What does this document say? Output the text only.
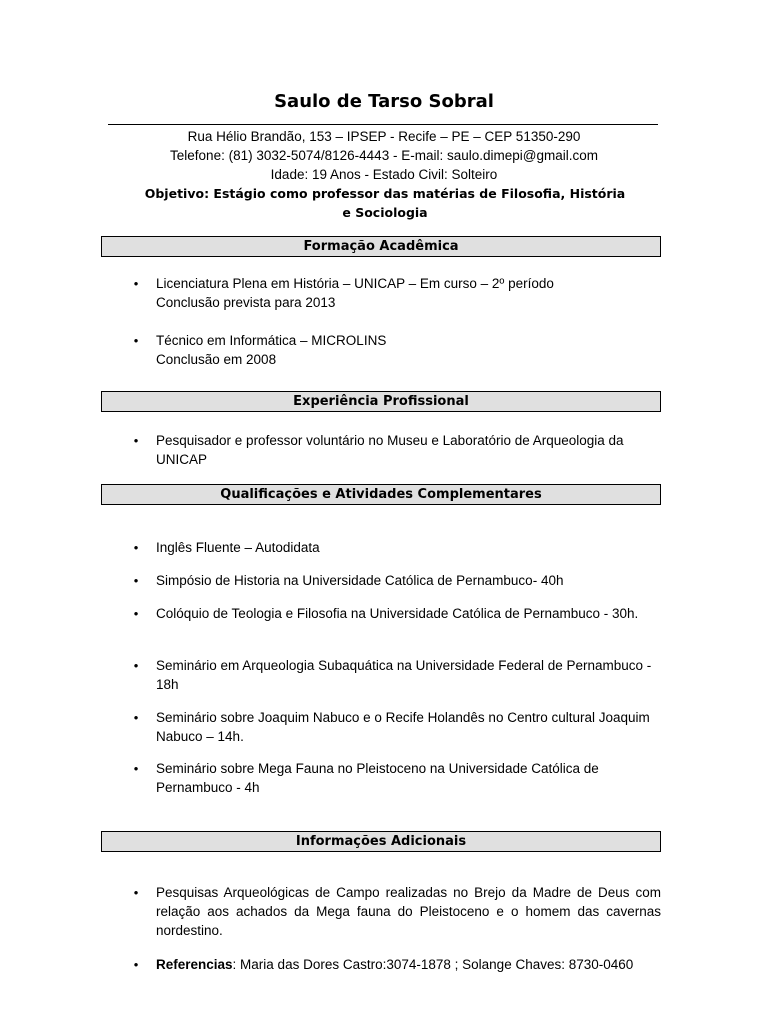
Saulo de Tarso Sobral
Rua Hélio Brandão, 153 – IPSEP - Recife – PE – CEP 51350-290
Telefone: (81) 3032-5074/8126-4443 - E-mail: saulo.dimepi@gmail.com
Idade: 19 Anos - Estado Civil: Solteiro
Objetivo: Estágio como professor das matérias de Filosofia, História e Sociologia
Formação Acadêmica
• Licenciatura Plena em História – UNICAP – Em curso – 2º período
Conclusão prevista para 2013
• Técnico em Informática – MICROLINS
Conclusão em 2008
Experiência Profissional
• Pesquisador e professor voluntário no Museu e Laboratório de Arqueologia da UNICAP
Qualificações e Atividades Complementares
• Inglês Fluente – Autodidata
• Simpósio de Historia na Universidade Católica de Pernambuco- 40h
• Colóquio de Teologia e Filosofia na Universidade Católica de Pernambuco - 30h.
• Seminário em Arqueologia Subaquática na Universidade Federal de Pernambuco - 18h
• Seminário sobre Joaquim Nabuco e o Recife Holandês no Centro cultural Joaquim Nabuco – 14h.
• Seminário sobre Mega Fauna no Pleistoceno na Universidade Católica de Pernambuco - 4h
Informações Adicionais
• Pesquisas Arqueológicas de Campo realizadas no Brejo da Madre de Deus com relação aos achados da Mega fauna do Pleistoceno e o homem das cavernas nordestino.
• Referencias: Maria das Dores Castro:3074-1878 ; Solange Chaves: 8730-0460
